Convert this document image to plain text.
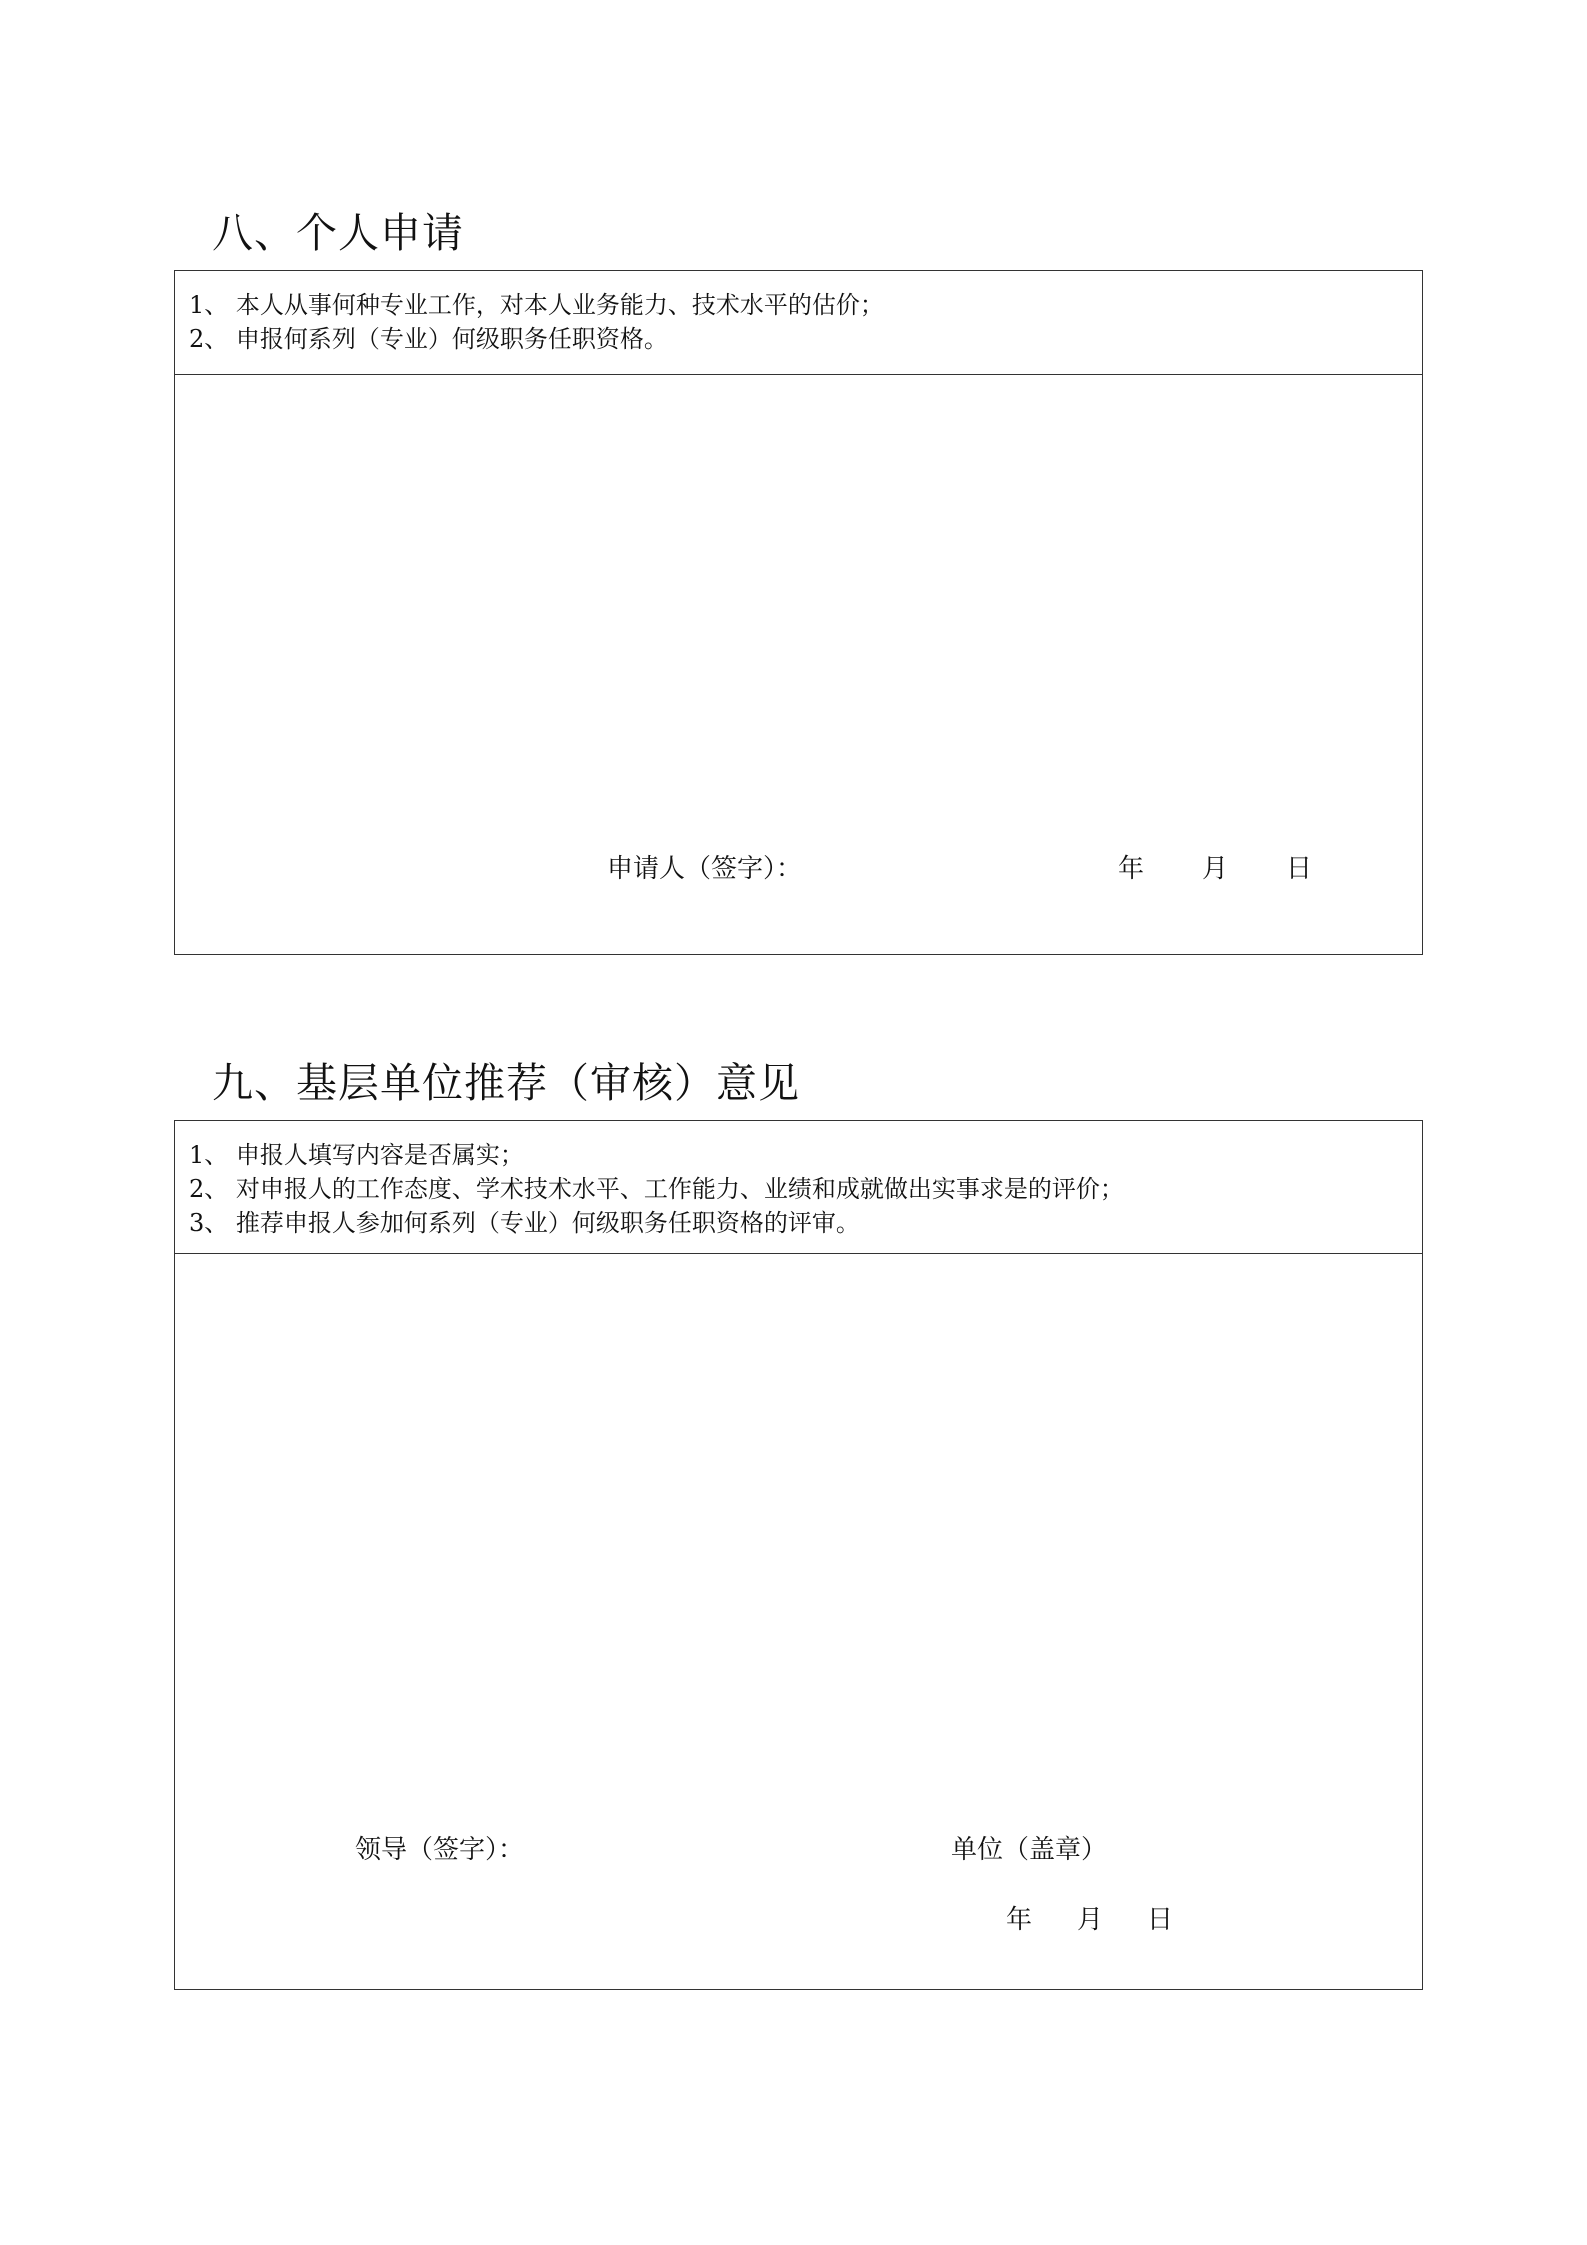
八、个人申请
1、 本人从事何种专业工作，对本人业务能力、技术水平的估价；
2、 申报何系列（专业）何级职务任职资格。
申请人（签字）：	年 月 日
九、基层单位推荐（审核）意见
1、 申报人填写内容是否属实；
2、 对申报人的工作态度、学术技术水平、工作能力、业绩和成就做出实事求是的评价；
3、 推荐申报人参加何系列（专业）何级职务任职资格的评审。
领导（签字）：	单位（盖章）
年 月 日
